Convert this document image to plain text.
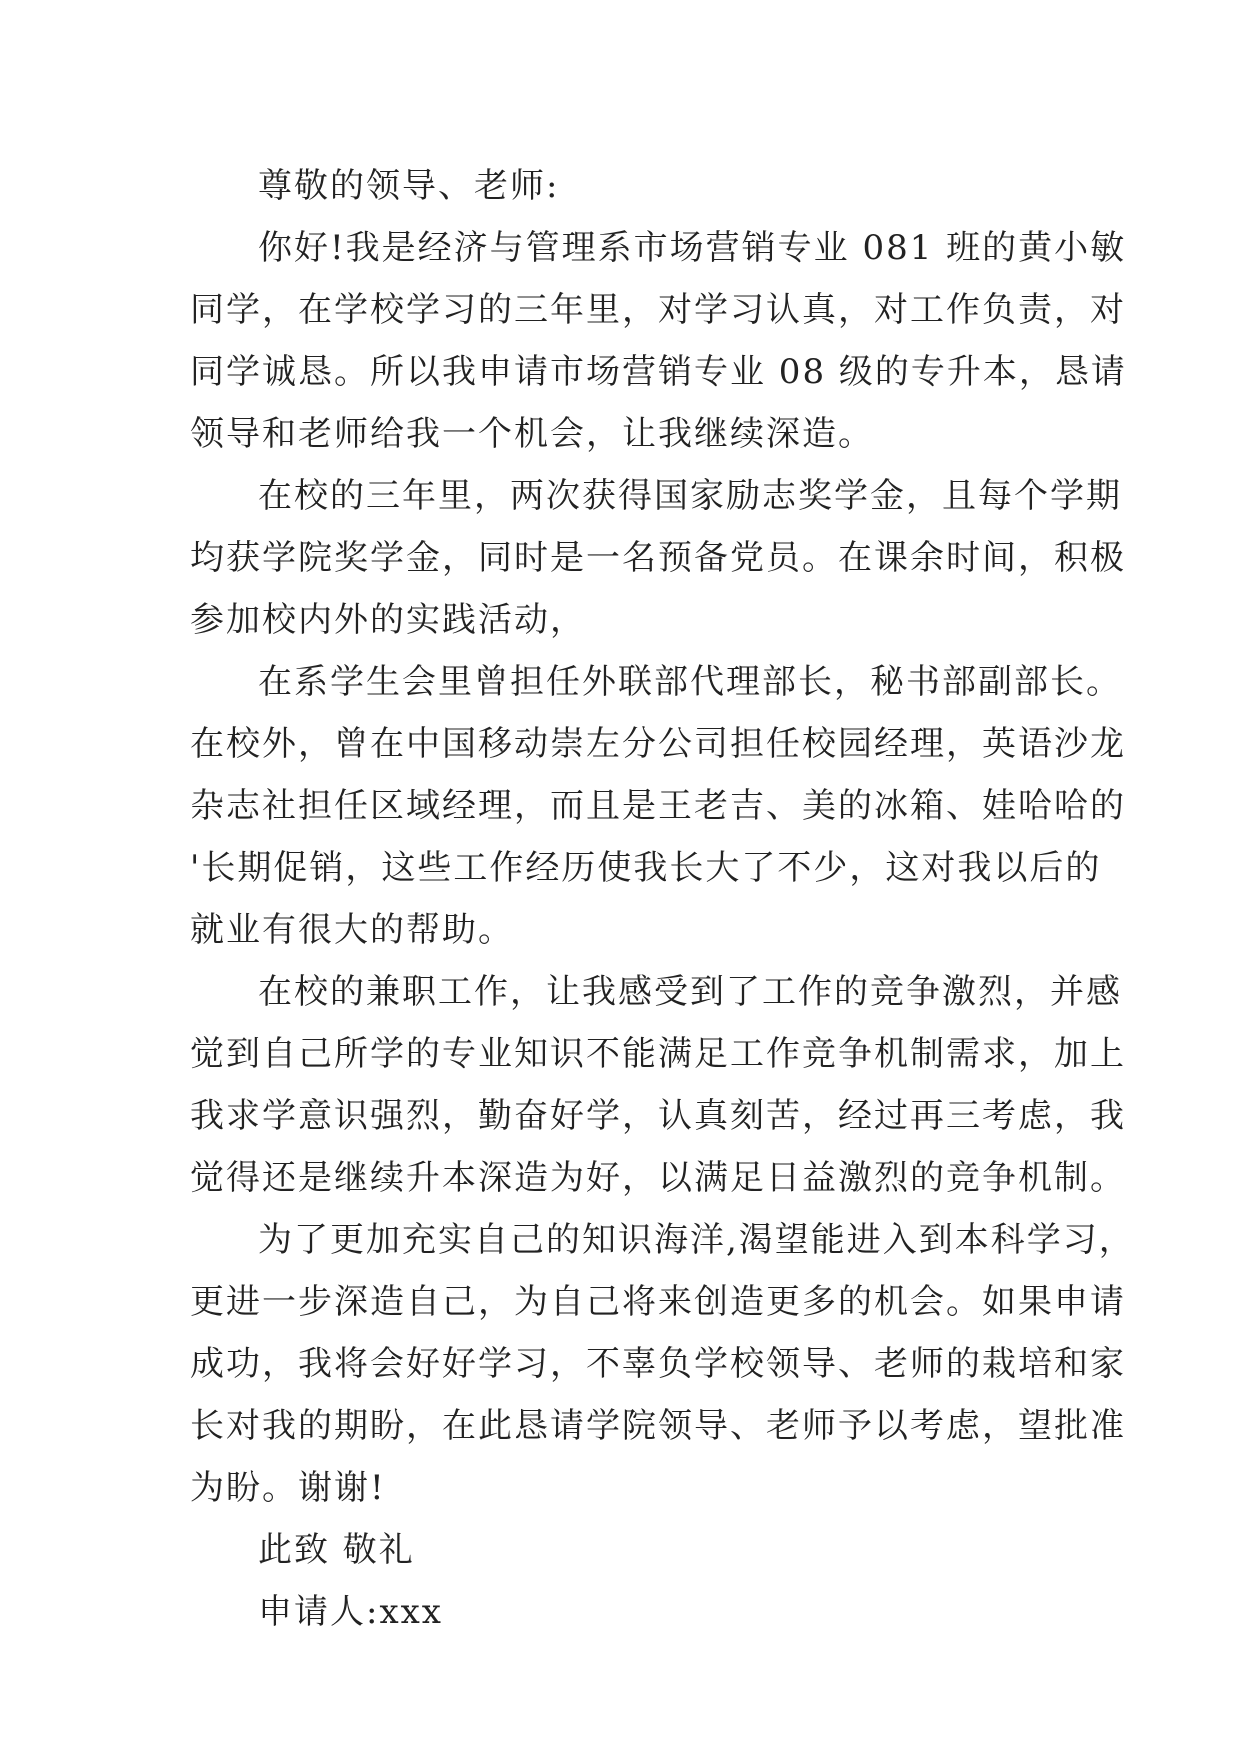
尊敬的领导、老师:

你好!我是经济与管理系市场营销专业 081 班的黄小敏
同学，在学校学习的三年里，对学习认真，对工作负责，对
同学诚恳。所以我申请市场营销专业 08 级的专升本，恳请
领导和老师给我一个机会，让我继续深造。

在校的三年里，两次获得国家励志奖学金，且每个学期
均获学院奖学金，同时是一名预备党员。在课余时间，积极
参加校内外的实践活动，

在系学生会里曾担任外联部代理部长，秘书部副部长。
在校外，曾在中国移动崇左分公司担任校园经理，英语沙龙
杂志社担任区域经理，而且是王老吉、美的冰箱、娃哈哈的
'长期促销，这些工作经历使我长大了不少，这对我以后的
就业有很大的帮助。

在校的兼职工作，让我感受到了工作的竞争激烈，并感
觉到自己所学的专业知识不能满足工作竞争机制需求，加上
我求学意识强烈，勤奋好学，认真刻苦，经过再三考虑，我
觉得还是继续升本深造为好，以满足日益激烈的竞争机制。

为了更加充实自己的知识海洋,渴望能进入到本科学习，
更进一步深造自己，为自己将来创造更多的机会。如果申请
成功，我将会好好学习，不辜负学校领导、老师的栽培和家
长对我的期盼，在此恳请学院领导、老师予以考虑，望批准
为盼。谢谢!

此致 敬礼

申请人:xxx
